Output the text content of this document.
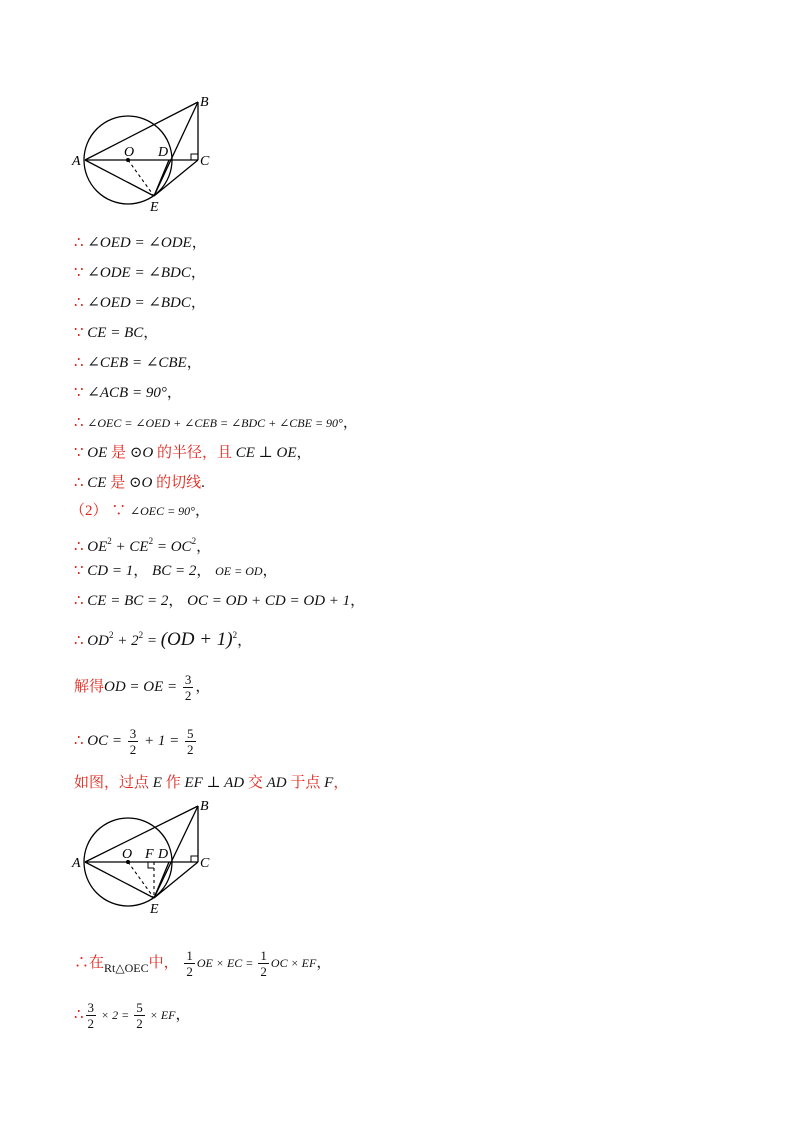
B
A
O D
C
E
∴ ∠OED = ∠ODE，
∵ ∠ODE = ∠BDC，
∴ ∠OED = ∠BDC，
∵ CE = BC，
∴ ∠CEB = ∠CBE，
∵ ∠ACB = 90°，
∴ ∠OEC = ∠OED + ∠CEB = ∠BDC + ∠CBE = 90°，
∵ OE 是 ⊙O 的半径，且 CE ⊥ OE，
∴ CE 是 ⊙O 的切线.
（2） ∵ ∠OEC = 90°，
∴ $OE^2 + CE^2 = OC^2$，
∵ CD = 1， BC = 2， OE = OD，
∴ CE = BC = 2， OC = OD + CD = OD + 1，
∴ $OD^2 + 2^2 = (OD + 1)^2$，
解得OD = OE = $\frac{3}{2}$ ，
∴ OC = $\frac{3}{2} + 1 = \frac{5}{2}$
如图，过点 E 作 EF ⊥ AD 交 AD 于点 F，
B
A
O F D
C
E
∴在$_{Rt\triangle OEC}$中， $\frac{1}{2}$ OE × EC = $\frac{1}{2}$ OC × EF，
∴ $\frac{3}{2} \times 2 = \frac{5}{2}$ × EF，
